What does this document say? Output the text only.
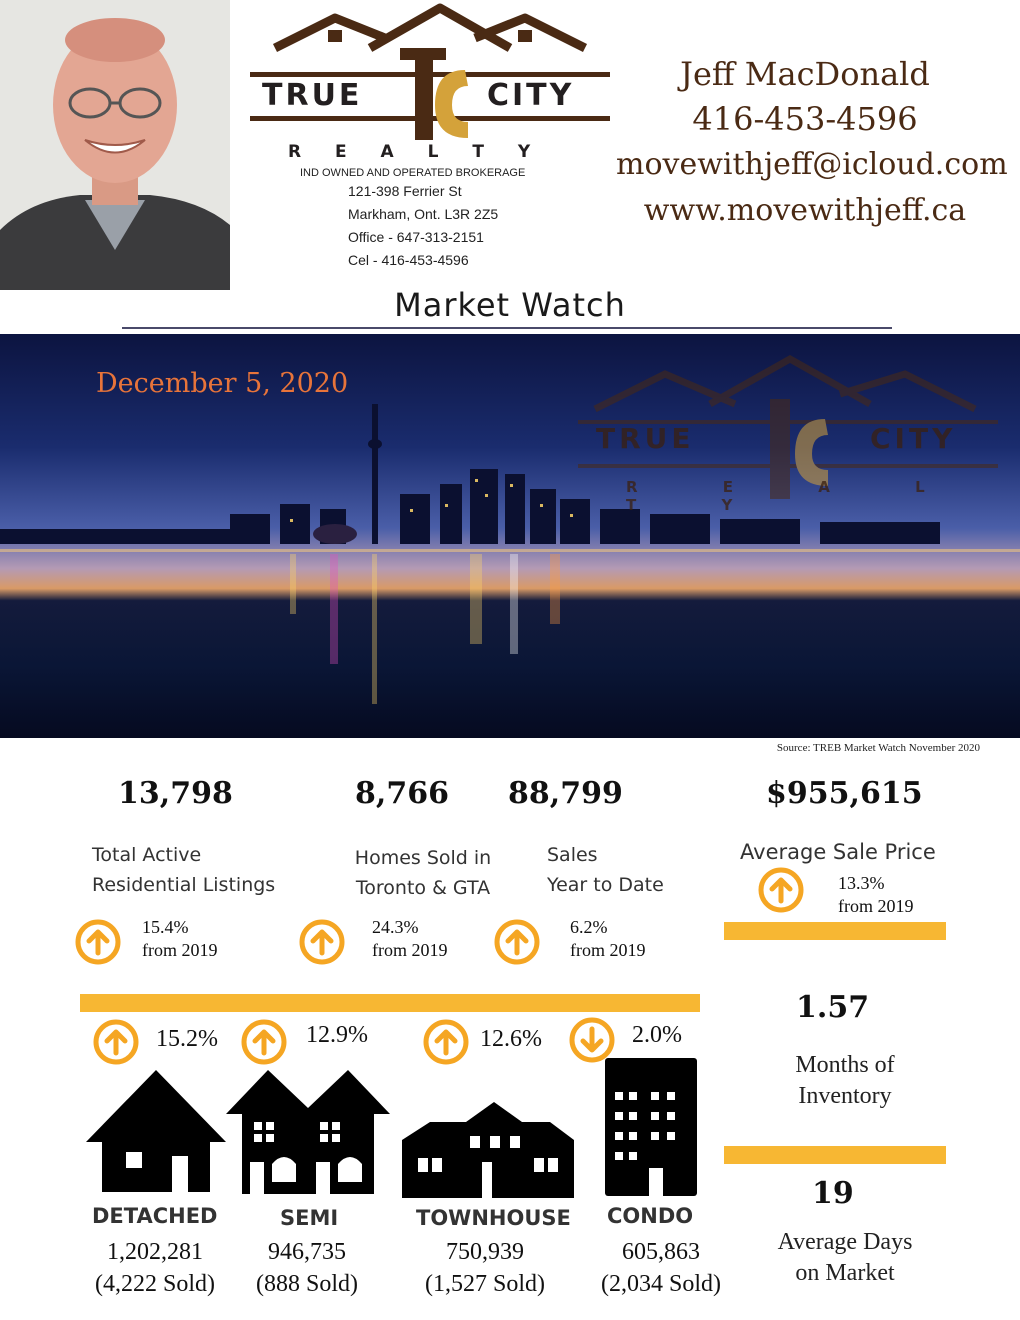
TRUE	CITY
R E A L T Y
IND OWNED AND OPERATED BROKERAGE
121-398 Ferrier St
Markham, Ont. L3R 2Z5
Office - 647-313-2151
Cel - 416-453-4596
Jeff MacDonald
416-453-4596
movewithjeff@icloud.com
www.movewithjeff.ca
Market Watch
December 5, 2020
TRUE	CITY
R E A L T Y
Source: TREB Market Watch November 2020
13,798	8,766 88,799	$955,615
Total Active
Residential Listings
Homes Sold in
Toronto & GTA
Sales
Year to Date
Average Sale Price
15.4%
from 2019
24.3%
from 2019
6.2%
from 2019
13.3%
from 2019
15.2%	12.9%	12.6%	2.0%
DETACHED	SEMI	TOWNHOUSE CONDO
1,202,281
(4,222 Sold)
946,735
(888 Sold)
750,939
(1,527 Sold)
605,863
(2,034 Sold)
1.57
Months of
Inventory
19
Average Days
on Market
